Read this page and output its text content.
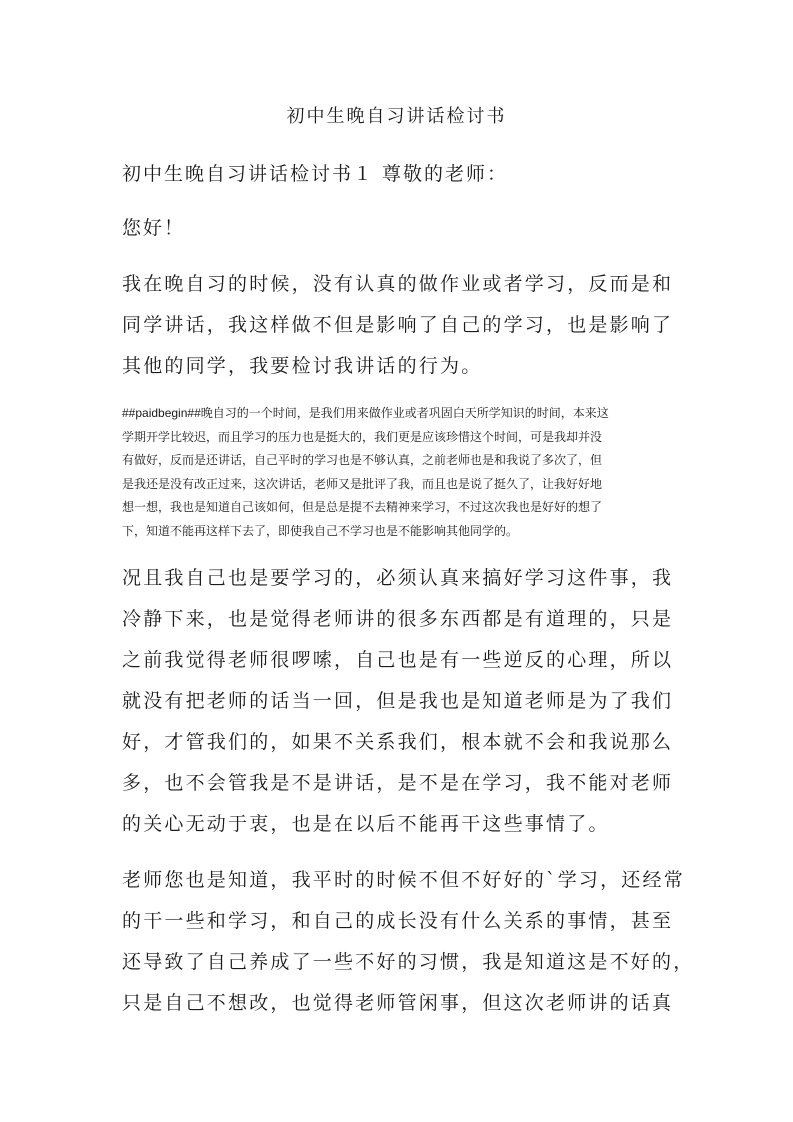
初中生晚自习讲话检讨书
初中生晚自习讲话检讨书１ 尊敬的老师：
您好！

我在晚自习的时候，没有认真的做作业或者学习，反而是和
同学讲话，我这样做不但是影响了自己的学习，也是影响了
其他的同学，我要检讨我讲话的行为。

##paidbegin##晚自习的一个时间，是我们用来做作业或者巩固白天所学知识的时间，本来这
学期开学比较迟，而且学习的压力也是挺大的，我们更是应该珍惜这个时间，可是我却并没
有做好，反而是还讲话，自己平时的学习也是不够认真，之前老师也是和我说了多次了，但
是我还是没有改正过来，这次讲话，老师又是批评了我，而且也是说了挺久了，让我好好地
想一想，我也是知道自己该如何，但是总是提不去精神来学习，不过这次我也是好好的想了
下，知道不能再这样下去了，即使我自己不学习也是不能影响其他同学的。

况且我自己也是要学习的，必须认真来搞好学习这件事，我
冷静下来，也是觉得老师讲的很多东西都是有道理的，只是
之前我觉得老师很啰嗦，自己也是有一些逆反的心理，所以
就没有把老师的话当一回，但是我也是知道老师是为了我们
好，才管我们的，如果不关系我们，根本就不会和我说那么
多，也不会管我是不是讲话，是不是在学习，我不能对老师
的关心无动于衷，也是在以后不能再干这些事情了。

老师您也是知道，我平时的时候不但不好好的`学习，还经常
的干一些和学习，和自己的成长没有什么关系的事情，甚至
还导致了自己养成了一些不好的习惯，我是知道这是不好的，
只是自己不想改，也觉得老师管闲事，但这次老师讲的话真
